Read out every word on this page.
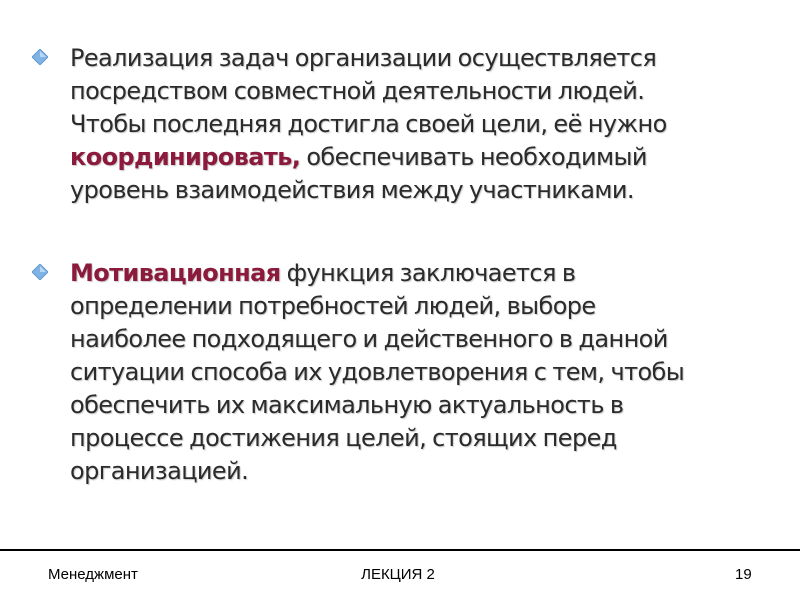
Реализация задач организации осуществляется
посредством совместной деятельности людей.
Чтобы последняя достигла своей цели, её нужно
координировать, обеспечивать необходимый
уровень взаимодействия между участниками.
Мотивационная функция заключается в
определении потребностей людей, выборе
наиболее подходящего и действенного в данной
ситуации способа их удовлетворения с тем, чтобы
обеспечить их максимальную актуальность в
процессе достижения целей, стоящих перед
организацией.
Менеджмент	ЛЕКЦИЯ 2	19
